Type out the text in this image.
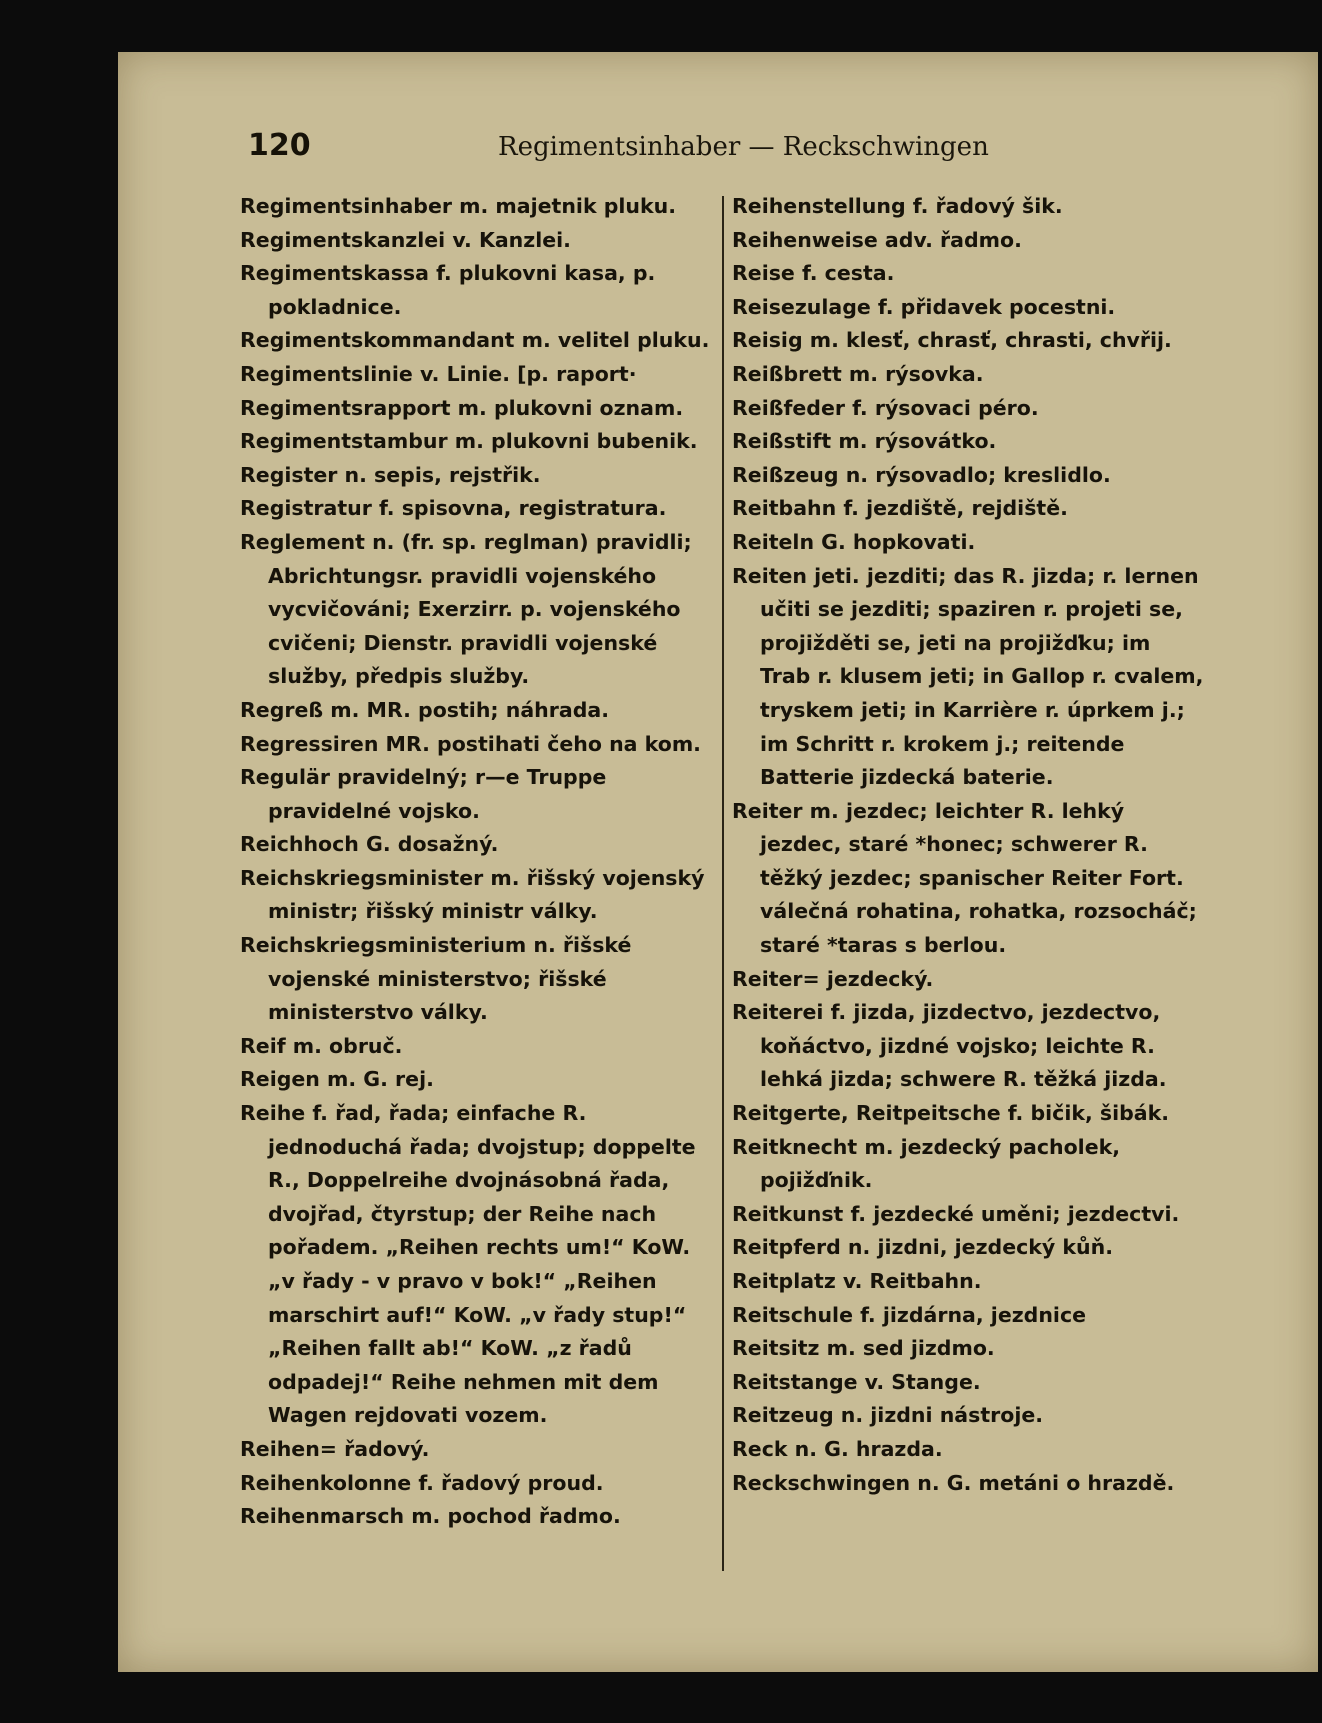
120	Regimentsinhaber — Reckschwingen
Regimentsinhaber m. majetnik pluku.
Regimentskanzlei v. Kanzlei.
Regimentskassa f. plukovni kasa, p. pokladnice.
Regimentskommandant m. velitel pluku.
Regimentslinie v. Linie. [p. raport·
Regimentsrapport m. plukovni oznam.
Regimentstambur m. plukovni bubenik.
Register n. sepis, rejstřik.
Registratur f. spisovna, registratura.
Reglement n. (fr. sp. reglman) pravidli; Abrichtungsr. pravidli vojenského vycvičováni; Exerzirr. p. vojenského cvičeni; Dienstr. pravidli vojenské služby, předpis služby.
Regreß m. MR. postih; náhrada.
Regressiren MR. postihati čeho na kom.
Regulär pravidelný; r—e Truppe pravidelné vojsko.
Reichhoch G. dosažný.
Reichskriegsminister m. řišský vojenský ministr; řišský ministr války.
Reichskriegsministerium n. řišské vojenské ministerstvo; řišské ministerstvo války.
Reif m. obruč.
Reigen m. G. rej.
Reihe f. řad, řada; einfache R. jednoduchá řada; dvojstup; doppelte R., Doppelreihe dvojnásobná řada, dvojřad, čtyrstup; der Reihe nach pořadem. „Reihen rechts um!“ KoW. „v řady - v pravo v bok!“ „Reihen marschirt auf!“ KoW. „v řady stup!“ „Reihen fallt ab!“ KoW. „z řadů odpadej!“ Reihe nehmen mit dem Wagen rejdovati vozem.
Reihen= řadový.
Reihenkolonne f. řadový proud.
Reihenmarsch m. pochod řadmo.
Reihenstellung f. řadový šik.
Reihenweise adv. řadmo.
Reise f. cesta.
Reisezulage f. přidavek pocestni.
Reisig m. klesť, chrasť, chrasti, chvřij.
Reißbrett m. rýsovka.
Reißfeder f. rýsovaci péro.
Reißstift m. rýsovátko.
Reißzeug n. rýsovadlo; kreslidlo.
Reitbahn f. jezdiště, rejdiště.
Reiteln G. hopkovati.
Reiten jeti. jezditi; das R. jizda; r. lernen učiti se jezditi; spaziren r. projeti se, projižděti se, jeti na projižďku; im Trab r. klusem jeti; in Gallop r. cvalem, tryskem jeti; in Karrière r. úprkem j.; im Schritt r. krokem j.; reitende Batterie jizdecká baterie.
Reiter m. jezdec; leichter R. lehký jezdec, staré *honec; schwerer R. těžký jezdec; spanischer Reiter Fort. válečná rohatina, rohatka, rozsocháč; staré *taras s berlou.
Reiter= jezdecký.
Reiterei f. jizda, jizdectvo, jezdectvo, koňáctvo, jizdné vojsko; leichte R. lehká jizda; schwere R. těžká jizda.
Reitgerte, Reitpeitsche f. bičik, šibák.
Reitknecht m. jezdecký pacholek, pojižďnik.
Reitkunst f. jezdecké uměni; jezdectvi.
Reitpferd n. jizdni, jezdecký kůň.
Reitplatz v. Reitbahn.
Reitschule f. jizdárna, jezdnice
Reitsitz m. sed jizdmo.
Reitstange v. Stange.
Reitzeug n. jizdni nástroje.
Reck n. G. hrazda.
Reckschwingen n. G. metáni o hrazdě.
